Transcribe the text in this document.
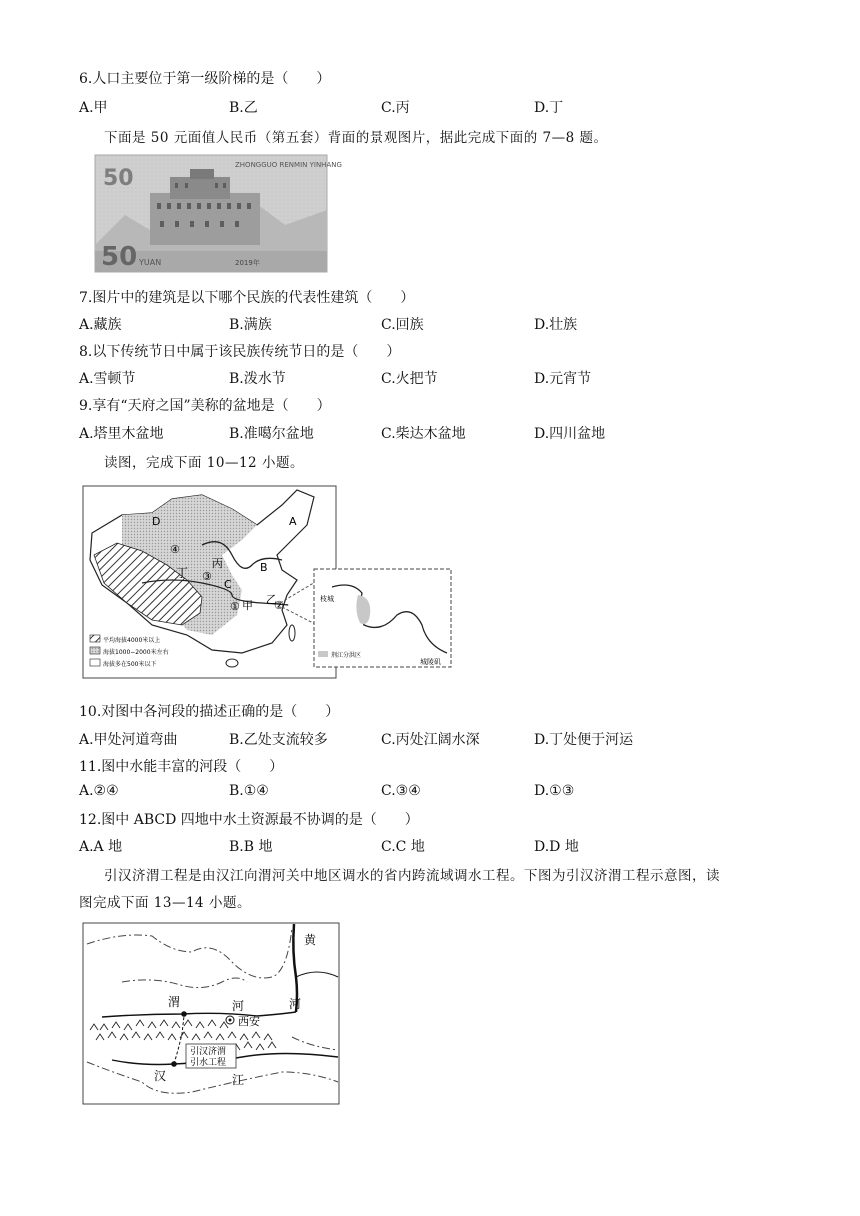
6.人口主要位于第一级阶梯的是（　　）
A.甲	B.乙	C.丙	D.丁
下面是 50 元面值人民币（第五套）背面的景观图片，据此完成下面的 7—8 题。
50
ZHONGGUO RENMIN YINHANG
50 YUAN	2019年
7.图片中的建筑是以下哪个民族的代表性建筑（　　）
A.藏族	B.满族	C.回族	D.壮族
8.以下传统节日中属于该民族传统节日的是（　　）
A.雪顿节	B.泼水节	C.火把节	D.元宵节
9.享有“天府之国”美称的盆地是（　　）
A.塔里木盆地	B.准噶尔盆地	C.柴达木盆地	D.四川盆地
读图，完成下面 10—12 小题。
D	A
B
C
甲 乙
丙
丁
①	②
③
④
平均海拔4000米以上
海拔1000−2000米左右
海拔多在500米以下
枝城
城陵矶
荆江分洪区
10.对图中各河段的描述正确的是（　　）
A.甲处河道弯曲	B.乙处支流较多	C.丙处江阔水深	D.丁处便于河运
11.图中水能丰富的河段（　　）
A.②④	B.①④	C.③④	D.①③
12.图中 ABCD 四地中水土资源最不协调的是（　　）
A.A 地	B.B 地	C.C 地	D.D 地
引汉济渭工程是由汉江向渭河关中地区调水的省内跨流域调水工程。下图为引汉济渭工程示意图，读
图完成下面 13—14 小题。
黄
河
河
渭
西安
汉	江
引汉济渭
引水工程
